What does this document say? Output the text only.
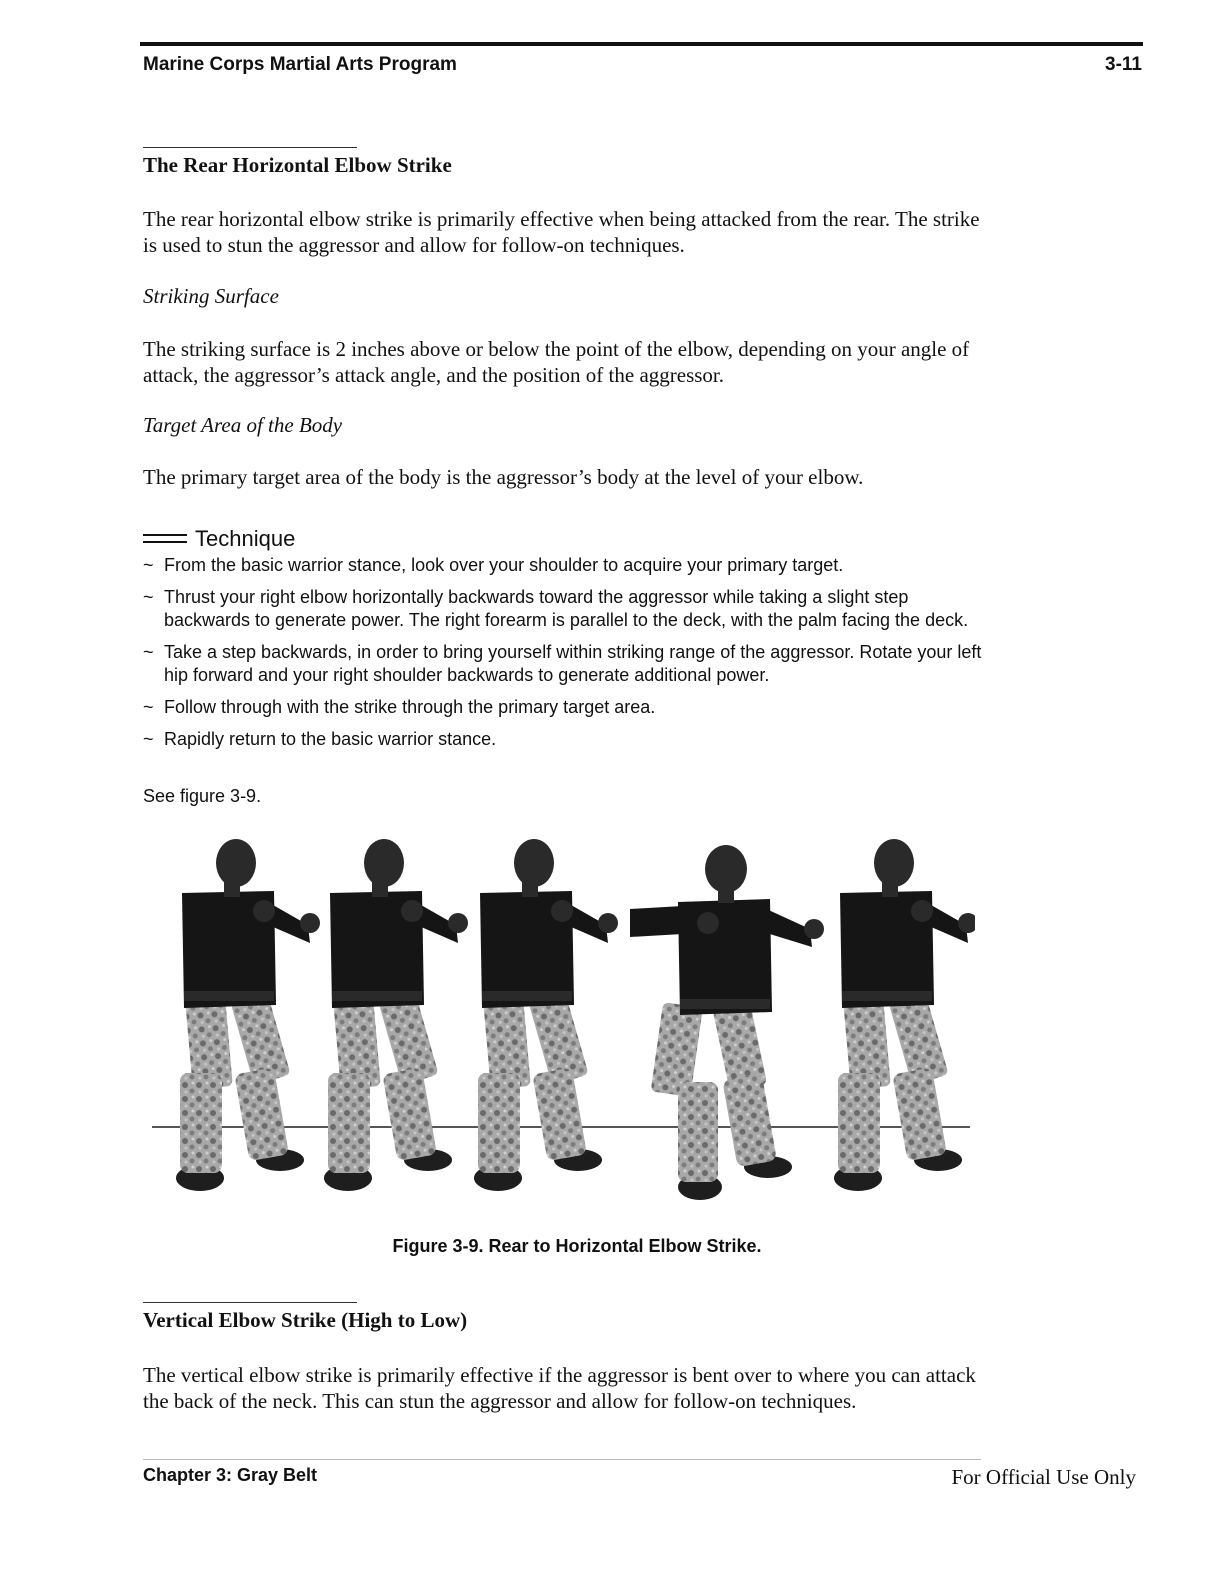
Marine Corps Martial Arts Program	3-11
The Rear Horizontal Elbow Strike
The rear horizontal elbow strike is primarily effective when being attacked from the rear. The strike is used to stun the aggressor and allow for follow-on techniques.
Striking Surface
The striking surface is 2 inches above or below the point of the elbow, depending on your angle of attack, the aggressor’s attack angle, and the position of the aggressor.
Target Area of the Body
The primary target area of the body is the aggressor’s body at the level of your elbow.
Technique
~ From the basic warrior stance, look over your shoulder to acquire your primary target.
~ Thrust your right elbow horizontally backwards toward the aggressor while taking a slight step backwards to generate power. The right forearm is parallel to the deck, with the palm facing the deck.
~ Take a step backwards, in order to bring yourself within striking range of the aggressor. Rotate your left hip forward and your right shoulder backwards to generate additional power.
~ Follow through with the strike through the primary target area.
~ Rapidly return to the basic warrior stance.
See figure 3-9.
Figure 3-9. Rear to Horizontal Elbow Strike.
Vertical Elbow Strike (High to Low)
The vertical elbow strike is primarily effective if the aggressor is bent over to where you can attack the back of the neck. This can stun the aggressor and allow for follow-on techniques.
Chapter 3: Gray Belt	For Official Use Only
